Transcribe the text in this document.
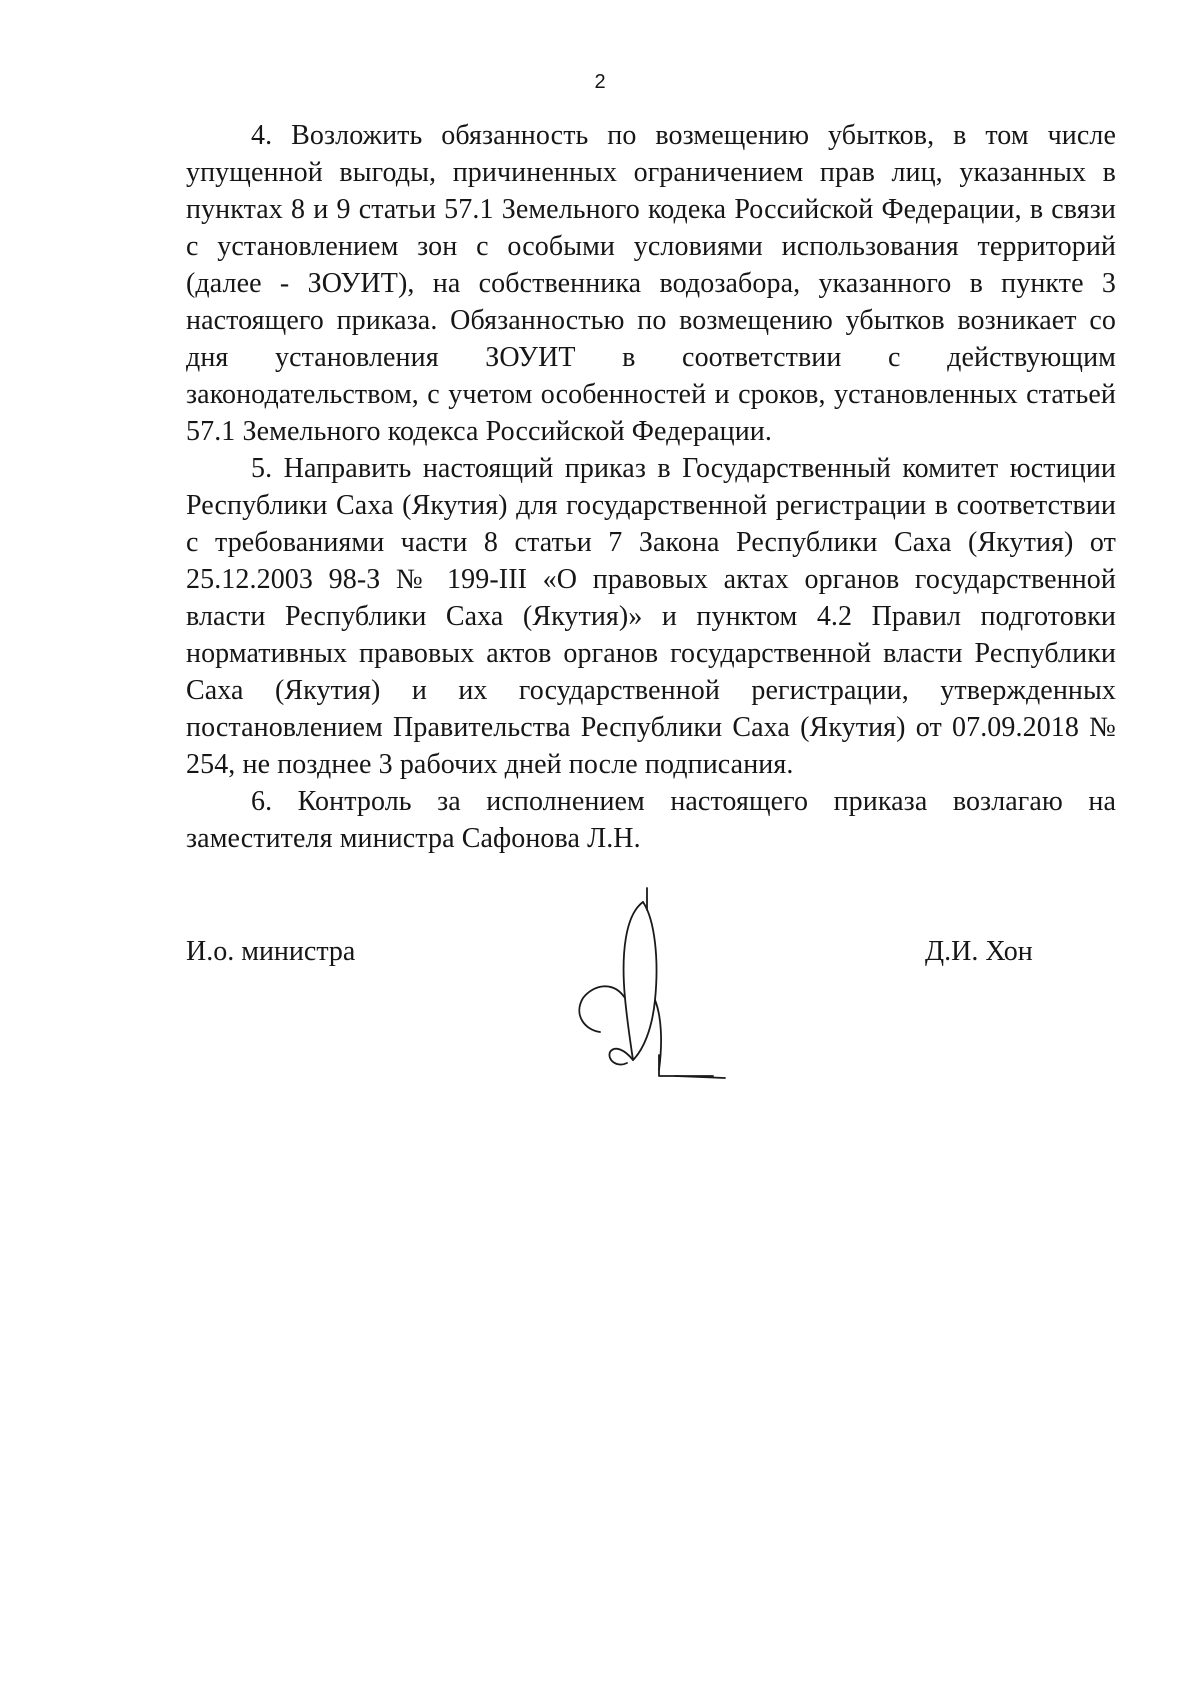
2

4. Возложить обязанность по возмещению убытков, в том числе упущенной выгоды, причиненных ограничением прав лиц, указанных в пунктах 8 и 9 статьи 57.1 Земельного кодека Российской Федерации, в связи с установлением зон с особыми условиями использования территорий (далее - ЗОУИТ), на собственника водозабора, указанного в пункте 3 настоящего приказа. Обязанностью по возмещению убытков возникает со дня установления ЗОУИТ в соответствии с действующим законодательством, с учетом особенностей и сроков, установленных статьей 57.1 Земельного кодекса Российской Федерации.

5. Направить настоящий приказ в Государственный комитет юстиции Республики Саха (Якутия) для государственной регистрации в соответствии с требованиями части 8 статьи 7 Закона Республики Саха (Якутия) от 25.12.2003 98-З № 199-III «О правовых актах органов государственной власти Республики Саха (Якутия)» и пунктом 4.2 Правил подготовки нормативных правовых актов органов государственной власти Республики Саха (Якутия) и их государственной регистрации, утвержденных постановлением Правительства Республики Саха (Якутия) от 07.09.2018 № 254, не позднее 3 рабочих дней после подписания.

6. Контроль за исполнением настоящего приказа возлагаю на заместителя министра Сафонова Л.Н.

И.о. министра	Д.И. Хон
